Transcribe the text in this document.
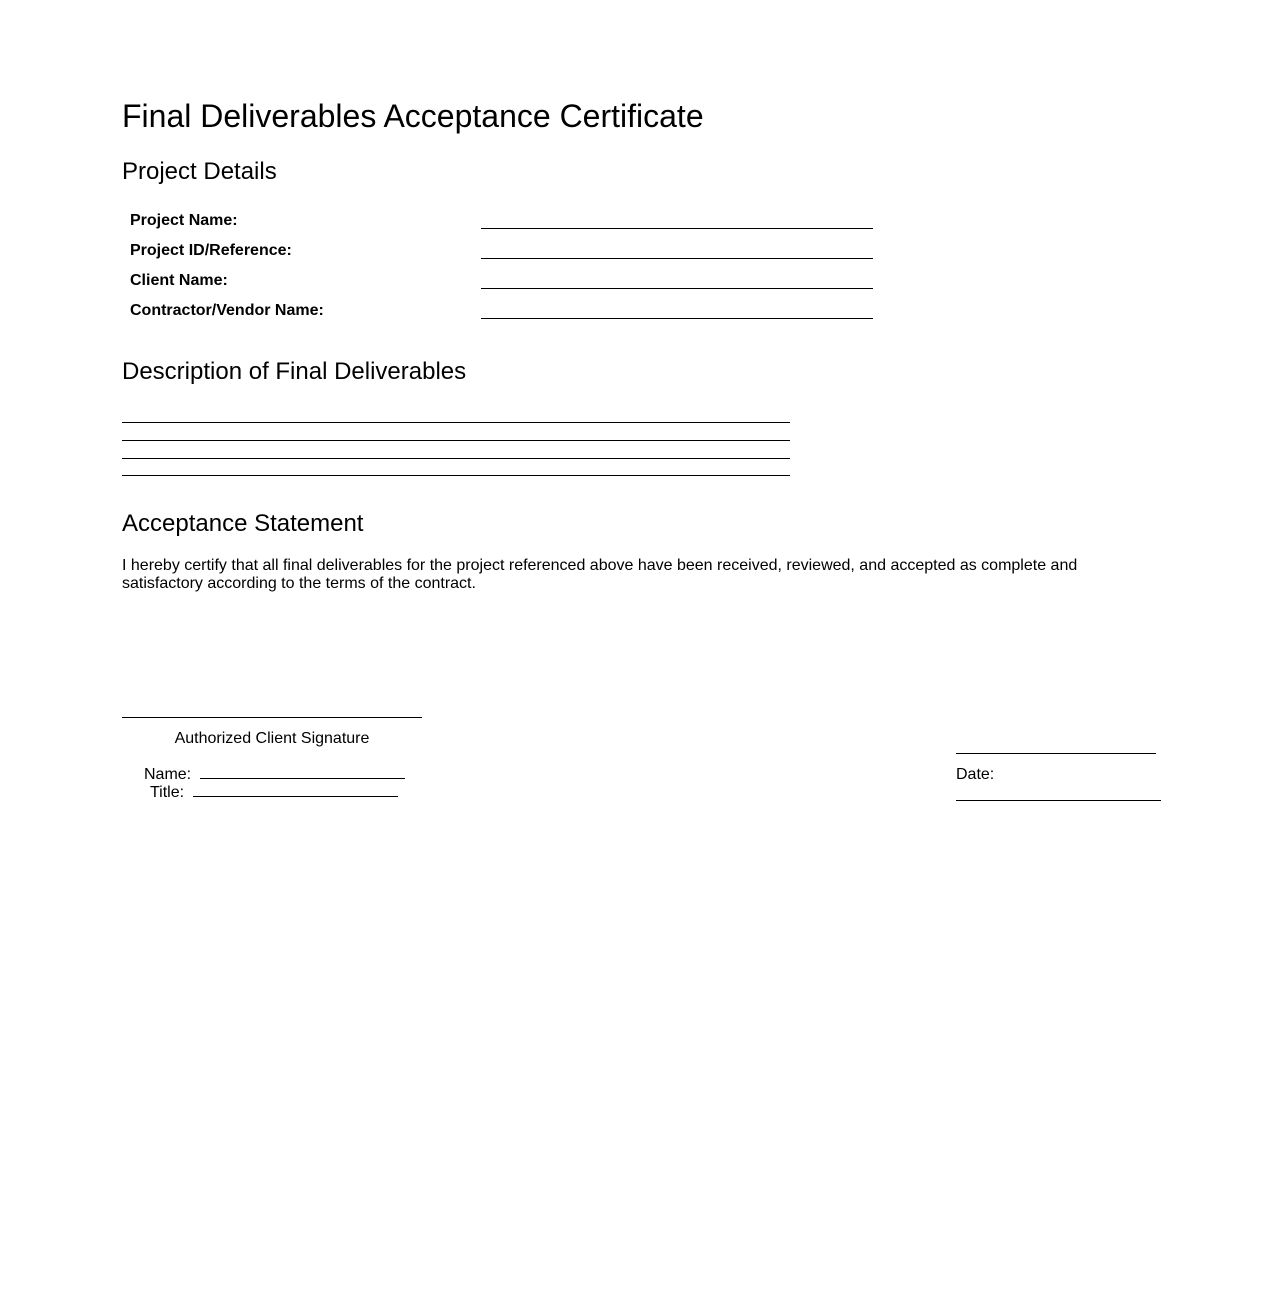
Final Deliverables Acceptance Certificate
Project Details
Project Name:
Project ID/Reference:
Client Name:
Contractor/Vendor Name:
Description of Final Deliverables
Acceptance Statement

I hereby certify that all final deliverables for the project referenced above have been received, reviewed, and accepted as complete and satisfactory according to the terms of the contract.

Authorized Client Signature
Name:
Title:
Date:
